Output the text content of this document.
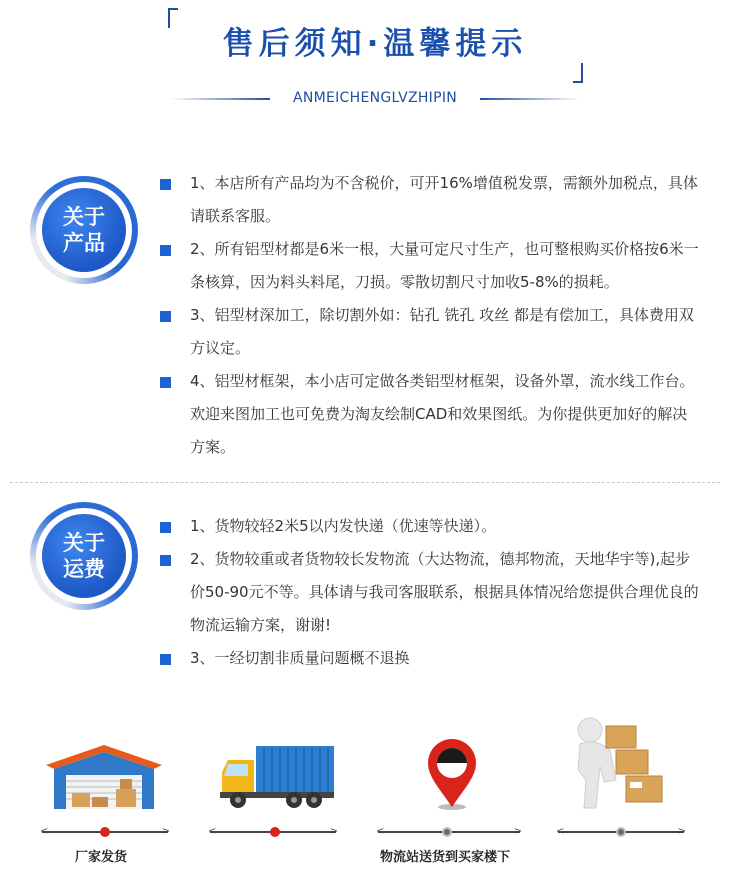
售后须知·温馨提示
ANMEICHENGLVZHIPIN
关于
产品
1、本店所有产品均为不含税价，可开16%增值税发票，需额外加税点，具体
请联系客服。
2、所有铝型材都是6米一根，大量可定尺寸生产，也可整根购买价格按6米一
条核算，因为料头料尾，刀损。零散切割尺寸加收5-8%的损耗。
3、铝型材深加工，除切割外如：钻孔 铣孔 攻丝 都是有偿加工，具体费用双
方议定。
4、铝型材框架，本小店可定做各类铝型材框架，设备外罩，流水线工作台。
欢迎来图加工也可免费为淘友绘制CAD和效果图纸。为你提供更加好的解决
方案。
关于
运费
1、货物较轻2米5以内发快递（优速等快递）。
2、货物较重或者货物较长发物流（大达物流，德邦物流，天地华宇等),起步
价50-90元不等。具体请与我司客服联系，根据具体情况给您提供合理优良的
物流运输方案，谢谢!
3、一经切割非质量问题概不退换
<	>	<	>	<	>	<	>
厂家发货	物流站送货到买家楼下
